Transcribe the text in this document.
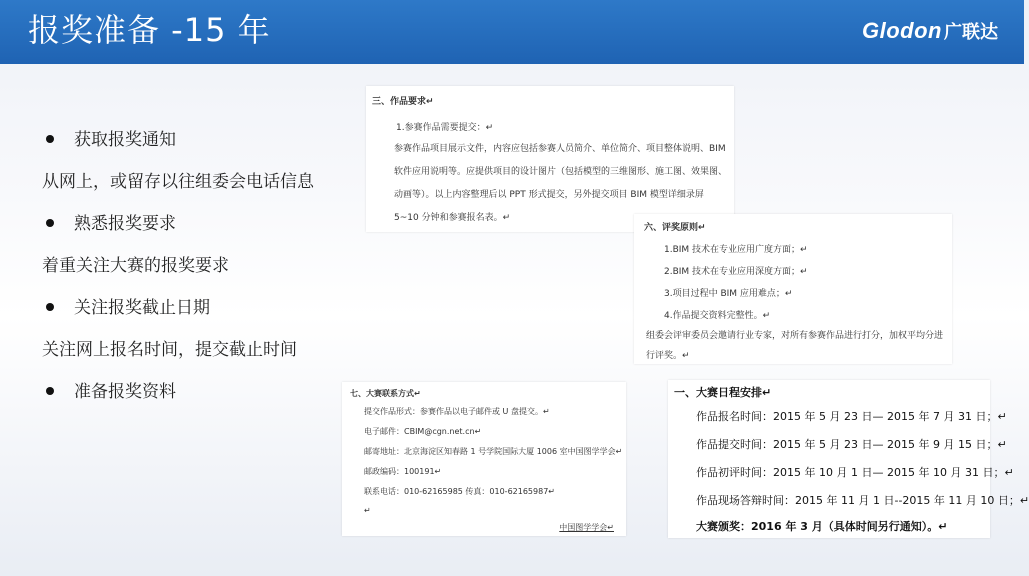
报奖准备 -15 年	Glodon 广联达
获取报奖通知
从网上，或留存以往组委会电话信息
熟悉报奖要求
着重关注大赛的报奖要求
关注报奖截止日期
关注网上报名时间，提交截止时间
准备报奖资料
三、作品要求↵
1.参赛作品需要提交：↵
参赛作品项目展示文件，内容应包括参赛人员简介、单位简介、项目整体说明、BIM 软件应用说明等。应提供项目的设计图片（包括模型的三维图形、施工图、效果图、动画等）。以上内容整理后以 PPT 形式提交，另外提交项目 BIM 模型详细录屏 5~10 分钟和参赛报名表。↵
六、评奖原则↵
1.BIM 技术在专业应用广度方面；↵
2.BIM 技术在专业应用深度方面；↵
3.项目过程中 BIM 应用难点；↵
4.作品提交资料完整性。↵
组委会评审委员会邀请行业专家，对所有参赛作品进行打分，加权平均分进行评奖。↵
七、大赛联系方式↵
提交作品形式：参赛作品以电子邮件或 U 盘提交。↵
电子邮件：CBIM@cgn.net.cn↵
邮寄地址：北京海淀区知春路 1 号学院国际大厦 1006 室中国图学学会↵
邮政编码：100191↵
联系电话：010-62165985 传真：010-62165987↵
↵
中国图学学会↵
一、大赛日程安排↵
作品报名时间：2015 年 5 月 23 日— 2015 年 7 月 31 日；↵
作品提交时间：2015 年 5 月 23 日— 2015 年 9 月 15 日；↵
作品初评时间：2015 年 10 月 1 日— 2015 年 10 月 31 日；↵
作品现场答辩时间：2015 年 11 月 1 日--2015 年 11 月 10 日；↵
大赛颁奖：2016 年 3 月（具体时间另行通知）。↵
